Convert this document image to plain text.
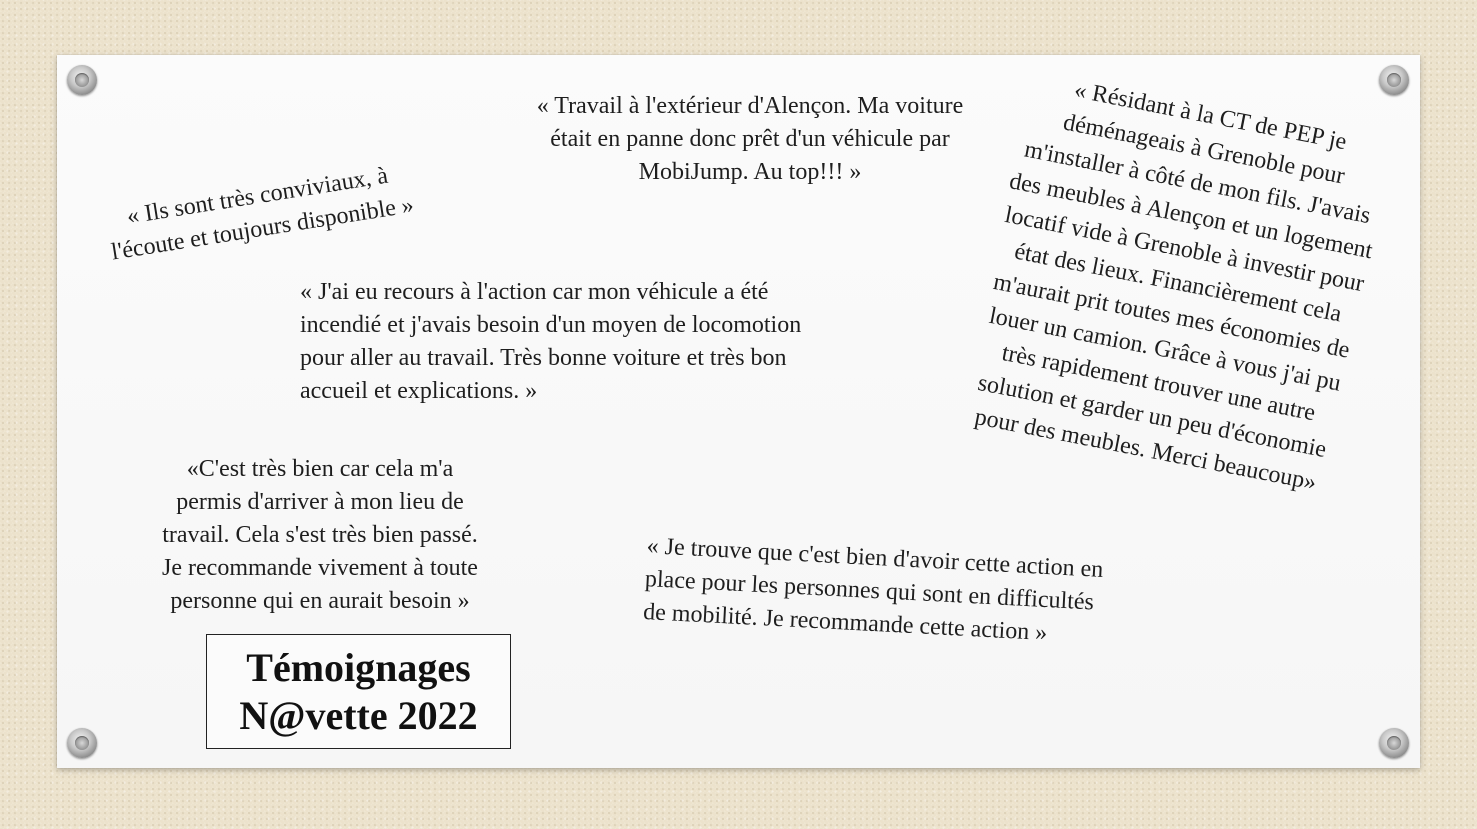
« Travail à l'extérieur d'Alençon. Ma voiture
était en panne donc prêt d'un véhicule par
MobiJump. Au top!!! »

« Ils sont très conviviaux, à
l'écoute et toujours disponible »

« Résidant à la CT de PEP je
déménageais à Grenoble pour
m'installer à côté de mon fils. J'avais
des meubles à Alençon et un logement
locatif vide à Grenoble à investir pour
état des lieux. Financièrement cela
m'aurait prit toutes mes économies de
louer un camion. Grâce à vous j'ai pu
très rapidement trouver une autre
solution et garder un peu d'économie
pour des meubles. Merci beaucoup»

« J'ai eu recours à l'action car mon véhicule a été
incendié et j'avais besoin d'un moyen de locomotion
pour aller au travail. Très bonne voiture et très bon
accueil et explications. »

«C'est très bien car cela m'a
permis d'arriver à mon lieu de
travail. Cela s'est très bien passé.
Je recommande vivement à toute
personne qui en aurait besoin »

« Je trouve que c'est bien d'avoir cette action en
place pour les personnes qui sont en difficultés
de mobilité. Je recommande cette action »

Témoignages
N@vette 2022
